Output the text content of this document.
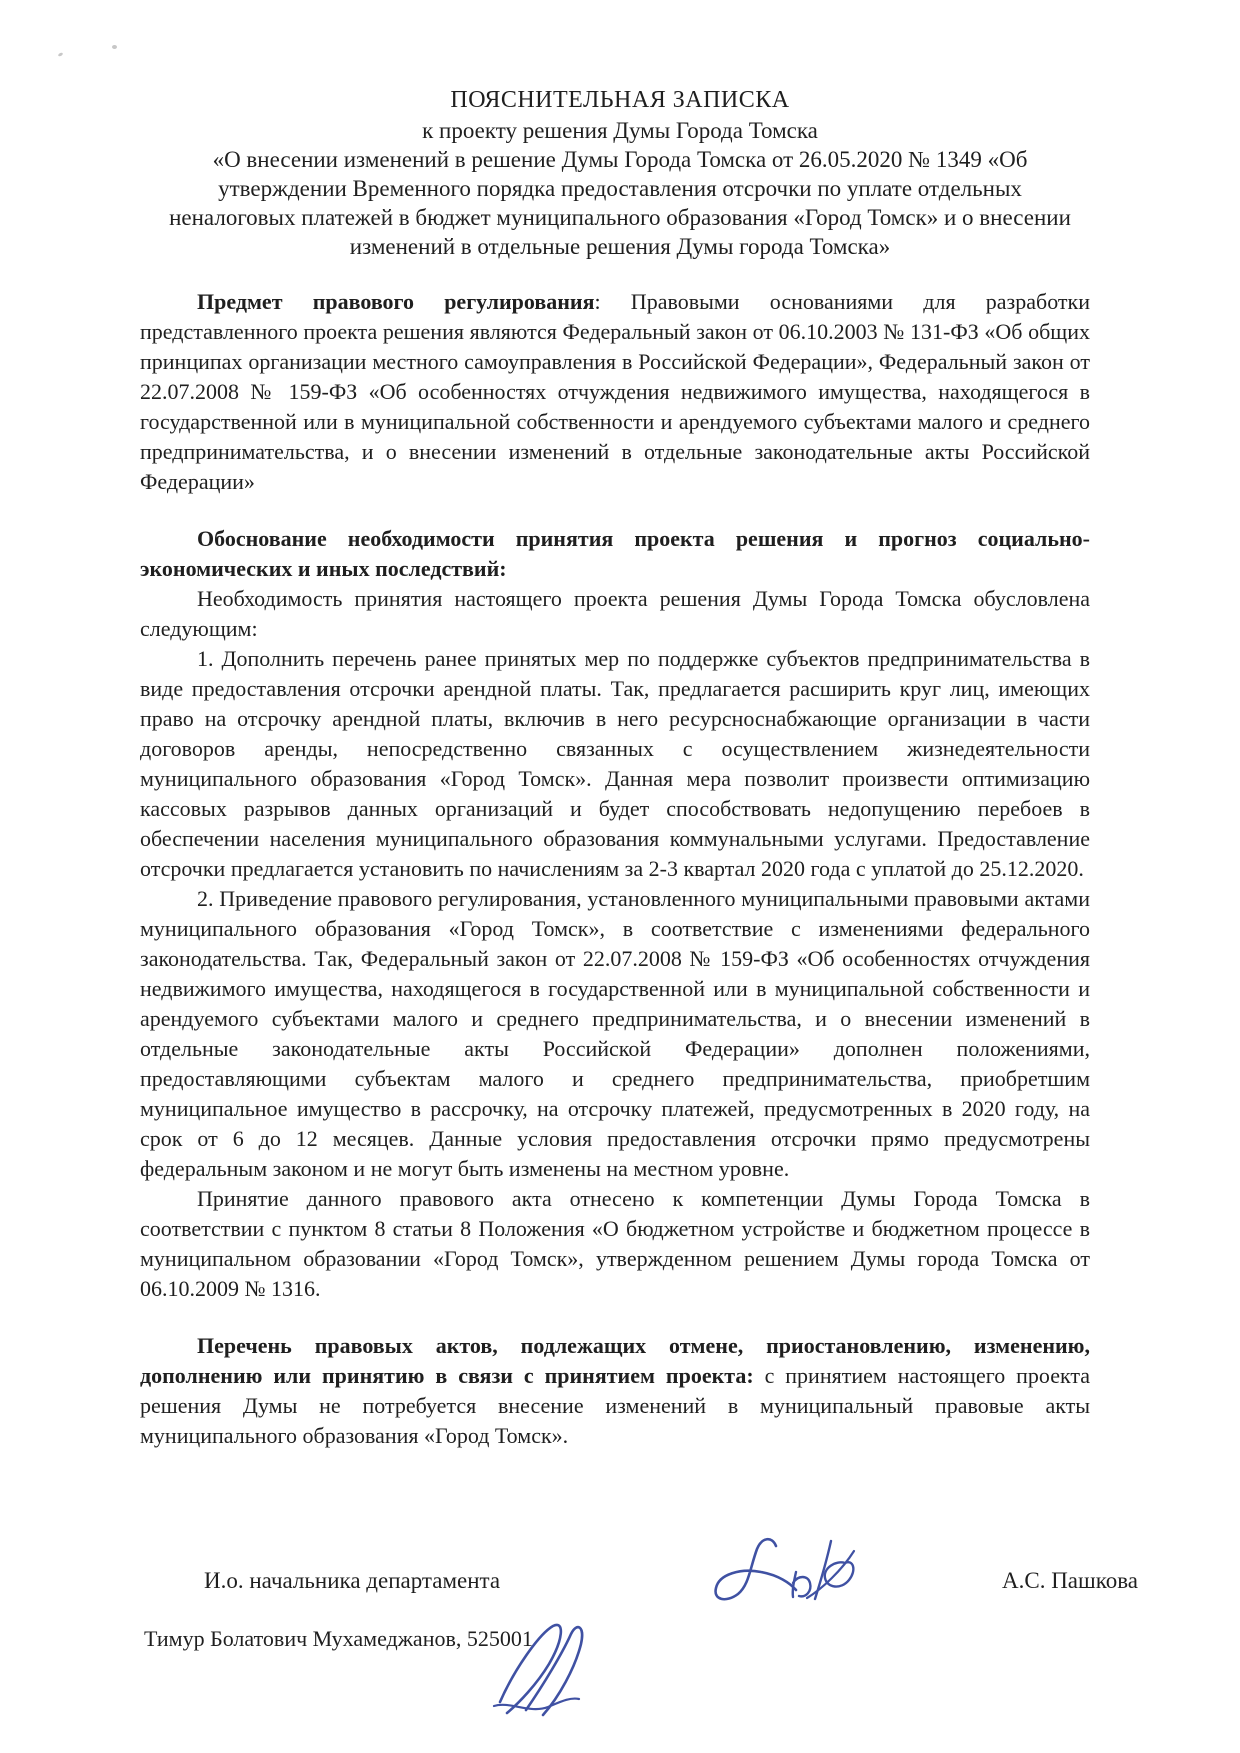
ПОЯСНИТЕЛЬНАЯ ЗАПИСКА
к проекту решения Думы Города Томска
«О внесении изменений в решение Думы Города Томска от 26.05.2020 № 1349 «Об
утверждении Временного порядка предоставления отсрочки по уплате отдельных
неналоговых платежей в бюджет муниципального образования «Город Томск» и о внесении
изменений в отдельные решения Думы города Томска»

Предмет правового регулирования: Правовыми основаниями для разработки представленного проекта решения являются Федеральный закон от 06.10.2003 № 131-ФЗ «Об общих принципах организации местного самоуправления в Российской Федерации», Федеральный закон от 22.07.2008 № 159-ФЗ «Об особенностях отчуждения недвижимого имущества, находящегося в государственной или в муниципальной собственности и арендуемого субъектами малого и среднего предпринимательства, и о внесении изменений в отдельные законодательные акты Российской Федерации»

Обоснование необходимости принятия проекта решения и прогноз социально-экономических и иных последствий:

Необходимость принятия настоящего проекта решения Думы Города Томска обусловлена следующим:

1. Дополнить перечень ранее принятых мер по поддержке субъектов предпринимательства в виде предоставления отсрочки арендной платы. Так, предлагается расширить круг лиц, имеющих право на отсрочку арендной платы, включив в него ресурсноснабжающие организации в части договоров аренды, непосредственно связанных с осуществлением жизнедеятельности муниципального образования «Город Томск». Данная мера позволит произвести оптимизацию кассовых разрывов данных организаций и будет способствовать недопущению перебоев в обеспечении населения муниципального образования коммунальными услугами. Предоставление отсрочки предлагается установить по начислениям за 2-3 квартал 2020 года с уплатой до 25.12.2020.

2. Приведение правового регулирования, установленного муниципальными правовыми актами муниципального образования «Город Томск», в соответствие с изменениями федерального законодательства. Так, Федеральный закон от 22.07.2008 № 159-ФЗ «Об особенностях отчуждения недвижимого имущества, находящегося в государственной или в муниципальной собственности и арендуемого субъектами малого и среднего предпринимательства, и о внесении изменений в отдельные законодательные акты Российской Федерации» дополнен положениями, предоставляющими субъектам малого и среднего предпринимательства, приобретшим муниципальное имущество в рассрочку, на отсрочку платежей, предусмотренных в 2020 году, на срок от 6 до 12 месяцев. Данные условия предоставления отсрочки прямо предусмотрены федеральным законом и не могут быть изменены на местном уровне.

Принятие данного правового акта отнесено к компетенции Думы Города Томска в соответствии с пунктом 8 статьи 8 Положения «О бюджетном устройстве и бюджетном процессе в муниципальном образовании «Город Томск», утвержденном решением Думы города Томска от 06.10.2009 № 1316.

Перечень правовых актов, подлежащих отмене, приостановлению, изменению, дополнению или принятию в связи с принятием проекта: с принятием настоящего проекта решения Думы не потребуется внесение изменений в муниципальный правовые акты муниципального образования «Город Томск».

И.о. начальника департамента	А.С. Пашкова
Тимур Болатович Мухамеджанов, 525001
